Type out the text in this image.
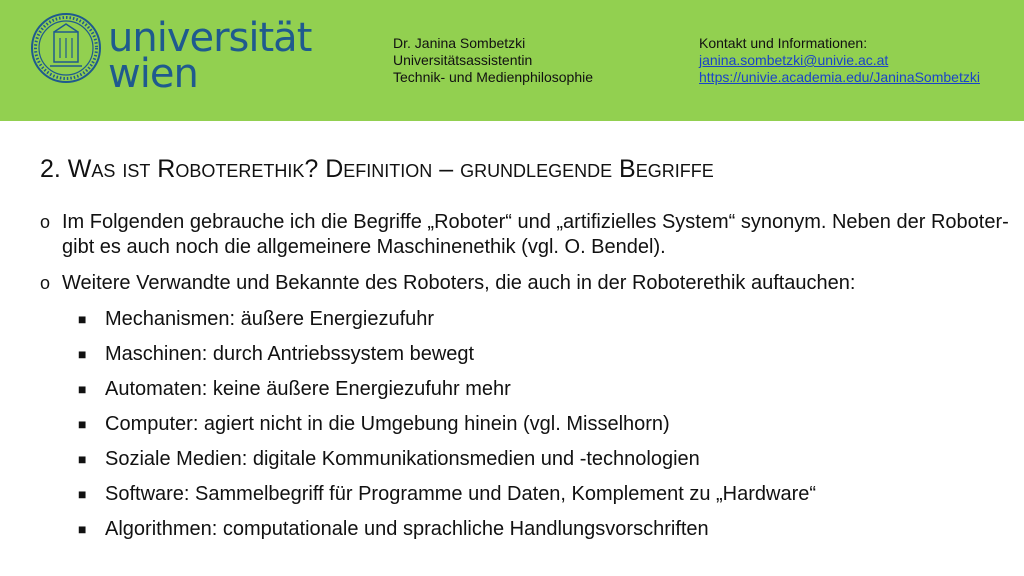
universität
wien
Dr. Janina Sombetzki
Universitätsassistentin
Technik- und Medienphilosophie
Kontakt und Informationen:
janina.sombetzki@univie.ac.at
https://univie.academia.edu/JaninaSombetzki
2. Was ist Roboterethik? Definition – grundlegende Begriffe
o Im Folgenden gebrauche ich die Begriffe „Roboter“ und „artifizielles System“ synonym. Neben der Roboter- gibt es auch noch die allgemeinere Maschinenethik (vgl. O. Bendel).
o Weitere Verwandte und Bekannte des Roboters, die auch in der Roboterethik auftauchen:
■ Mechanismen: äußere Energiezufuhr
■ Maschinen: durch Antriebssystem bewegt
■ Automaten: keine äußere Energiezufuhr mehr
■ Computer: agiert nicht in die Umgebung hinein (vgl. Misselhorn)
■ Soziale Medien: digitale Kommunikationsmedien und -technologien
■ Software: Sammelbegriff für Programme und Daten, Komplement zu „Hardware“
■ Algorithmen: computationale und sprachliche Handlungsvorschriften
